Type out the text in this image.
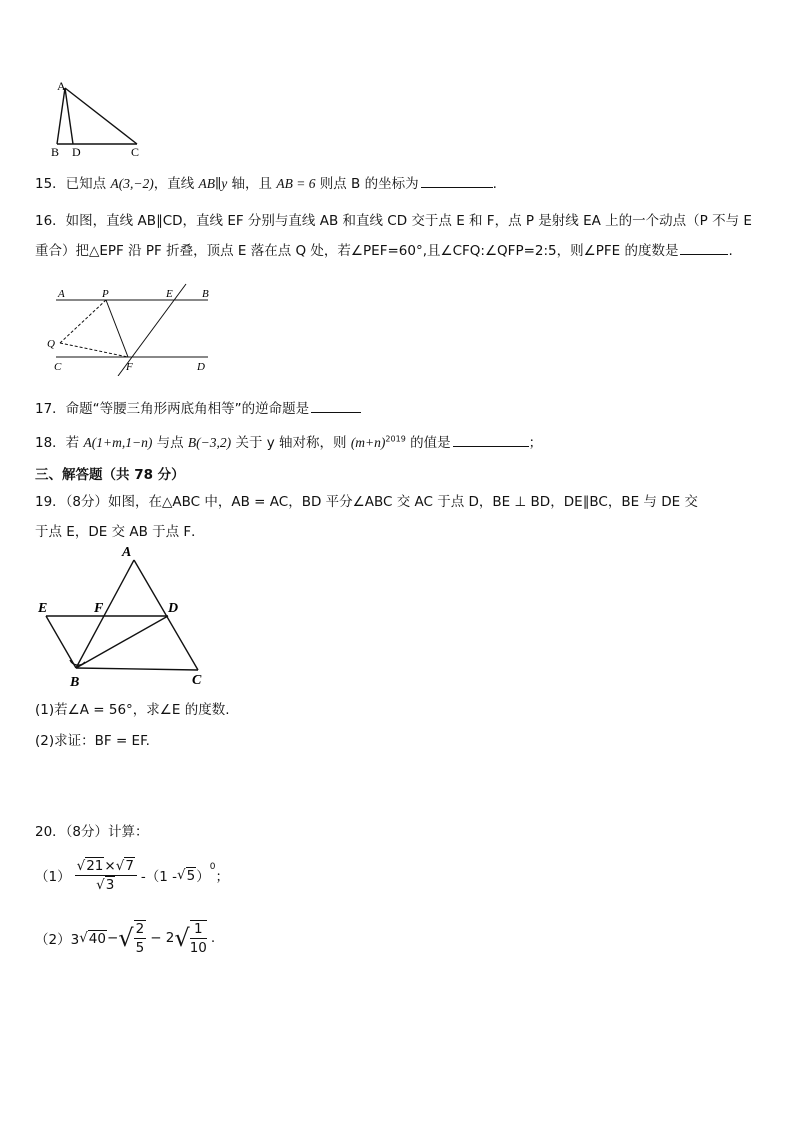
A
B D	C
15．已知点 A(3,−2)，直线 AB∥y 轴，且 AB = 6 则点 B 的坐标为	.
16．如图，直线 AB∥CD，直线 EF 分别与直线 AB 和直线 CD 交于点 E 和 F，点 P 是射线 EA 上的一个动点（P 不与 E
重合）把△EPF 沿 PF 折叠，顶点 E 落在点 Q 处，若∠PEF=60°,且∠CFQ:∠QFP=2:5，则∠PFE 的度数是	.
A	P	E	B
Q
C	F	D
17．命题“等腰三角形两底角相等”的逆命题是
18．若 A(1+m,1−n) 与点 B(−3,2) 关于 y 轴对称，则 $(m+n)^{2019}$ 的值是	；
三、解答题（共 78 分）
19．（8分）如图，在△ABC 中，AB = AC，BD 平分∠ABC 交 AC 于点 D，BE ⊥ BD，DE∥BC，BE 与 DE 交
于点 E，DE 交 AB 于点 F．
A
E	F	D
B	C
(1)若∠A = 56°，求∠E 的度数.
(2)求证：BF = EF.
20．（8分）计算：
$(1) \frac{√21\times√7}{√3} -(1$ - √ 5 ）
$^0$
；
（2）3 √ 40 − √ $\frac{2}{5} - 2$ √ $\frac{1}{10}$ .
